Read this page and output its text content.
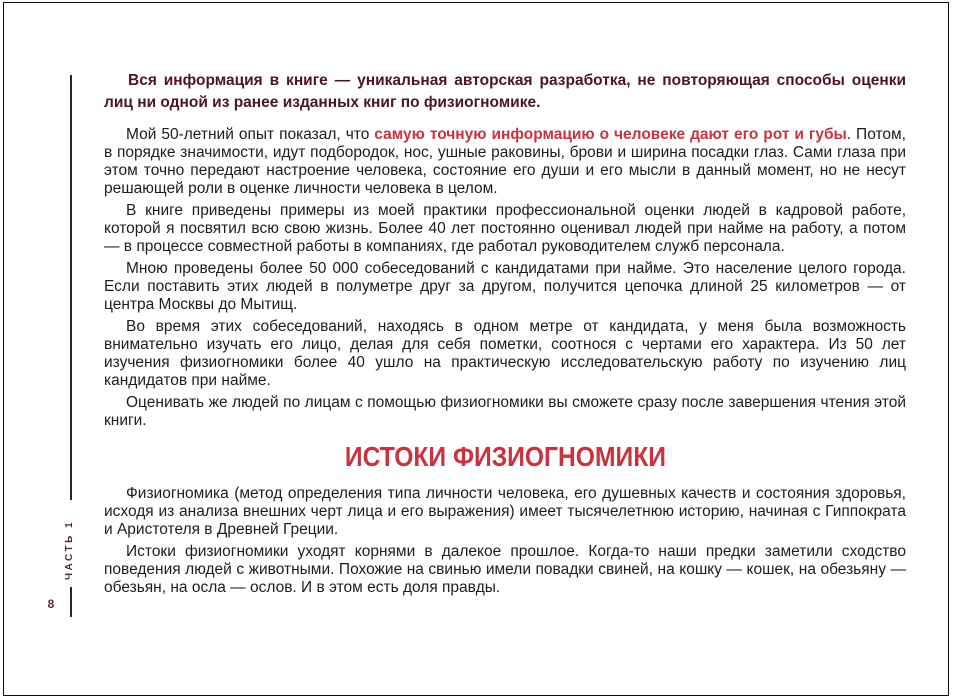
ЧАСТЬ 1
8

Вся информация в книге — уникальная авторская разработка, не повторяющая способы оценки лиц ни одной из ранее изданных книг по физиогномике.

Мой 50-летний опыт показал, что самую точную информацию о человеке дают его рот и губы. Потом, в порядке значимости, идут подбородок, нос, ушные раковины, брови и ширина посадки глаз. Сами глаза при этом точно передают настроение человека, состояние его души и его мысли в данный момент, но не несут решающей роли в оценке личности человека в целом.

В книге приведены примеры из моей практики профессиональной оценки людей в кадровой работе, которой я посвятил всю свою жизнь. Более 40 лет постоянно оценивал людей при найме на работу, а потом — в процессе совместной работы в компаниях, где работал руководителем служб персонала.

Мною проведены более 50 000 собеседований с кандидатами при найме. Это население целого города. Если поставить этих людей в полуметре друг за другом, получится цепочка длиной 25 километров — от центра Москвы до Мытищ.

Во время этих собеседований, находясь в одном метре от кандидата, у меня была возможность внимательно изучать его лицо, делая для себя пометки, соотнося с чертами его характера. Из 50 лет изучения физиогномики более 40 ушло на практическую исследовательскую работу по изучению лиц кандидатов при найме.

Оценивать же людей по лицам с помощью физиогномики вы сможете сразу после завершения чтения этой книги.

ИСТОКИ ФИЗИОГНОМИКИ

Физиогномика (метод определения типа личности человека, его душевных качеств и состояния здоровья, исходя из анализа внешних черт лица и его выражения) имеет тысячелетнюю историю, начиная с Гиппократа и Аристотеля в Древней Греции.

Истоки физиогномики уходят корнями в далекое прошлое. Когда-то наши предки заметили сходство поведения людей с животными. Похожие на свинью имели повадки свиней, на кошку — кошек, на обезьяну — обезьян, на осла — ослов. И в этом есть доля правды.
